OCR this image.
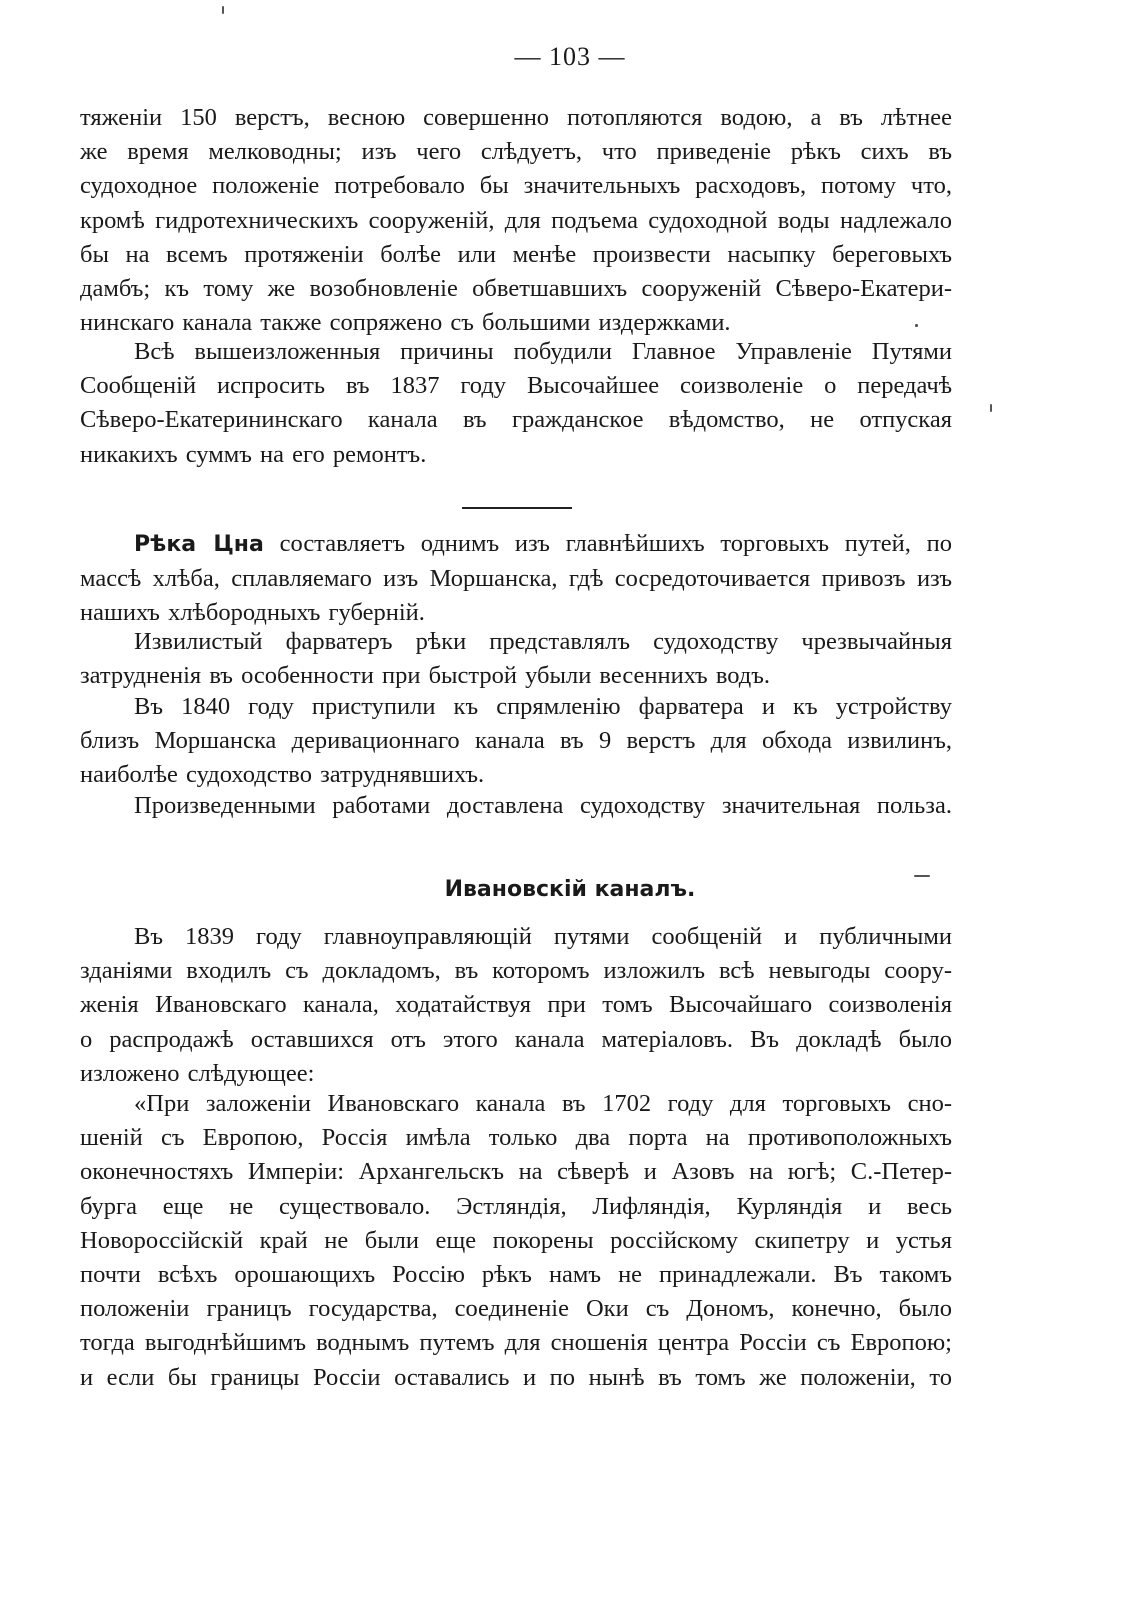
— 103 —
тяженіи 150 верстъ, весною совершенно потопляются водою, а въ лѣтнее
же время мелководны; изъ чего слѣдуетъ, что приведеніе рѣкъ сихъ въ
судоходное положеніе потребовало бы значительныхъ расходовъ, потому что,
кромѣ гидротехническихъ сооруженій, для подъема судоходной воды надлежало
бы на всемъ протяженіи болѣе или менѣе произвести насыпку береговыхъ
дамбъ; къ тому же возобновленіе обветшавшихъ сооруженій Сѣверо-Екатери-
нинскаго канала также сопряжено съ большими издержками.
Всѣ вышеизложенныя причины побудили Главное Управленіе Путями
Сообщеній испросить въ 1837 году Высочайшее соизволеніе о передачѣ
Сѣверо-Екатерининскаго канала въ гражданское вѣдомство, не отпуская
никакихъ суммъ на его ремонтъ.
Рѣка Цна составляетъ однимъ изъ главнѣйшихъ торговыхъ путей, по
массѣ хлѣба, сплавляемаго изъ Моршанска, гдѣ сосредоточивается привозъ изъ
нашихъ хлѣбородныхъ губерній.
Извилистый фарватеръ рѣки представлялъ судоходству чрезвычайныя
затрудненія въ особенности при быстрой убыли весеннихъ водъ.
Въ 1840 году приступили къ спрямленію фарватера и къ устройству
близъ Моршанска деривационнаго канала въ 9 верстъ для обхода извилинъ,
наиболѣе судоходство затруднявшихъ.
Произведенными работами доставлена судоходству значительная польза.
Ивановскій каналъ.
Въ 1839 году главноуправляющій путями сообщеній и публичными
зданіями входилъ съ докладомъ, въ которомъ изложилъ всѣ невыгоды соору-
женія Ивановскаго канала, ходатайствуя при томъ Высочайшаго соизволенія
о распродажѣ оставшихся отъ этого канала матеріаловъ. Въ докладѣ было
изложено слѣдующее:
«При заложеніи Ивановскаго канала въ 1702 году для торговыхъ сно-
шеній съ Европою, Россія имѣла только два порта на противоположныхъ
оконечностяхъ Имперіи: Архангельскъ на сѣверѣ и Азовъ на югѣ; С.-Петер-
бурга еще не существовало. Эстляндія, Лифляндія, Курляндія и весь
Новороссійскій край не были еще покорены россійскому скипетру и устья
почти всѣхъ орошающихъ Россію рѣкъ намъ не принадлежали. Въ такомъ
положеніи границъ государства, соединеніе Оки съ Дономъ, конечно, было
тогда выгоднѣйшимъ воднымъ путемъ для сношенія центра Россіи съ Европою;
и если бы границы Россіи оставались и по нынѣ въ томъ же положеніи, то
